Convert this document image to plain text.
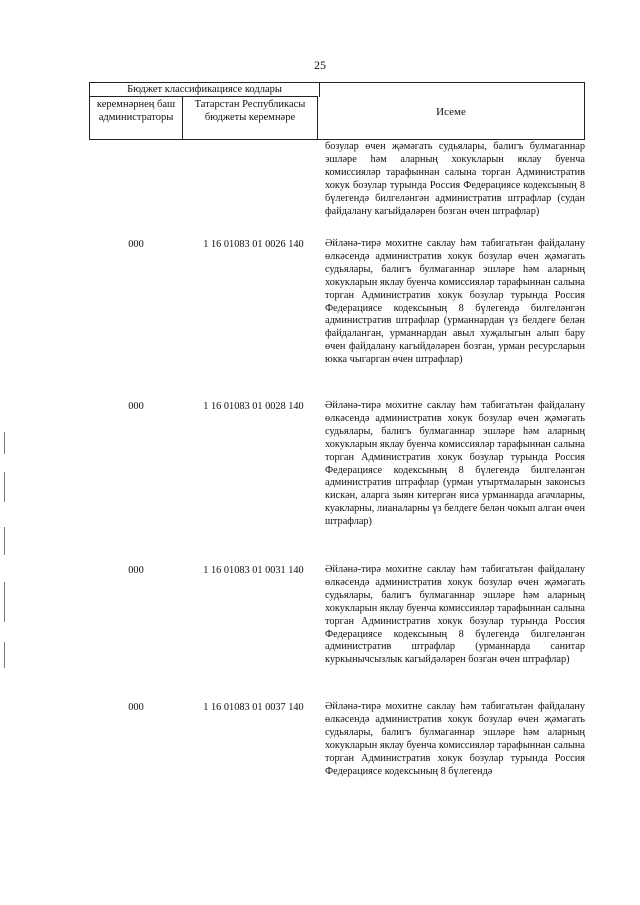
25
Бюджет классификациясе кодлары
керемнәрнең баш администраторы
Татарстан Республикасы бюджеты керемнәре	Исеме
бозулар өчен җәмәгать судьялары, балигъ булмаганнар эшләре һәм аларның хокукларын яклау буенча комиссияләр тарафыннан салына торган Административ хокук бозулар турында Россия Федерациясе кодексының 8 бүлегендә билгеләнгән административ штрафлар (судан файдалану кагыйдәләрен бозган өчен штрафлар)
000	1 16 01083 01 0026 140	Әйләнә-тирә мохитне саклау һәм табигатьтән файдалану өлкәсендә административ хокук бозулар өчен җәмәгать судьялары, балигъ булмаганнар эшләре һәм аларның хокукларын яклау буенча комиссияләр тарафыннан салына торган Административ хокук бозулар турында Россия Федерациясе кодексының 8 бүлегендә билгеләнгән административ штрафлар (урманнардан үз белдеге белән файдаланган, урманнардан авыл хуҗалыгын алып бару өчен файдалану кагыйдәләрен бозган, урман ресурсларын юкка чыгарган өчен штрафлар)
000	1 16 01083 01 0028 140	Әйләнә-тирә мохитне саклау һәм табигатьтән файдалану өлкәсендә административ хокук бозулар өчен җәмәгать судьялары, балигъ булмаганнар эшләре һәм аларның хокукларын яклау буенча комиссияләр тарафыннан салына торган Административ хокук бозулар турында Россия Федерациясе кодексының 8 бүлегендә билгеләнгән административ штрафлар (урман утыртмаларын законсыз кискән, аларга зыян китергән яисә урманнарда агачларны, куакларны, лианаларны үз белдеге белән чокып алган өчен штрафлар)
000	1 16 01083 01 0031 140	Әйләнә-тирә мохитне саклау һәм табигатьтән файдалану өлкәсендә административ хокук бозулар өчен җәмәгать судьялары, балигъ булмаганнар эшләре һәм аларның хокукларын яклау буенча комиссияләр тарафыннан салына торган Административ хокук бозулар турында Россия Федерациясе кодексының 8 бүлегендә билгеләнгән административ штрафлар (урманнарда санитар куркынычсызлык кагыйдәләрен бозган өчен штрафлар)
000	1 16 01083 01 0037 140	Әйләнә-тирә мохитне саклау һәм табигатьтән файдалану өлкәсендә административ хокук бозулар өчен җәмәгать судьялары, балигъ булмаганнар эшләре һәм аларның хокукларын яклау буенча комиссияләр тарафыннан салына торган Административ хокук бозулар турында Россия Федерациясе кодексының 8 бүлегендә
